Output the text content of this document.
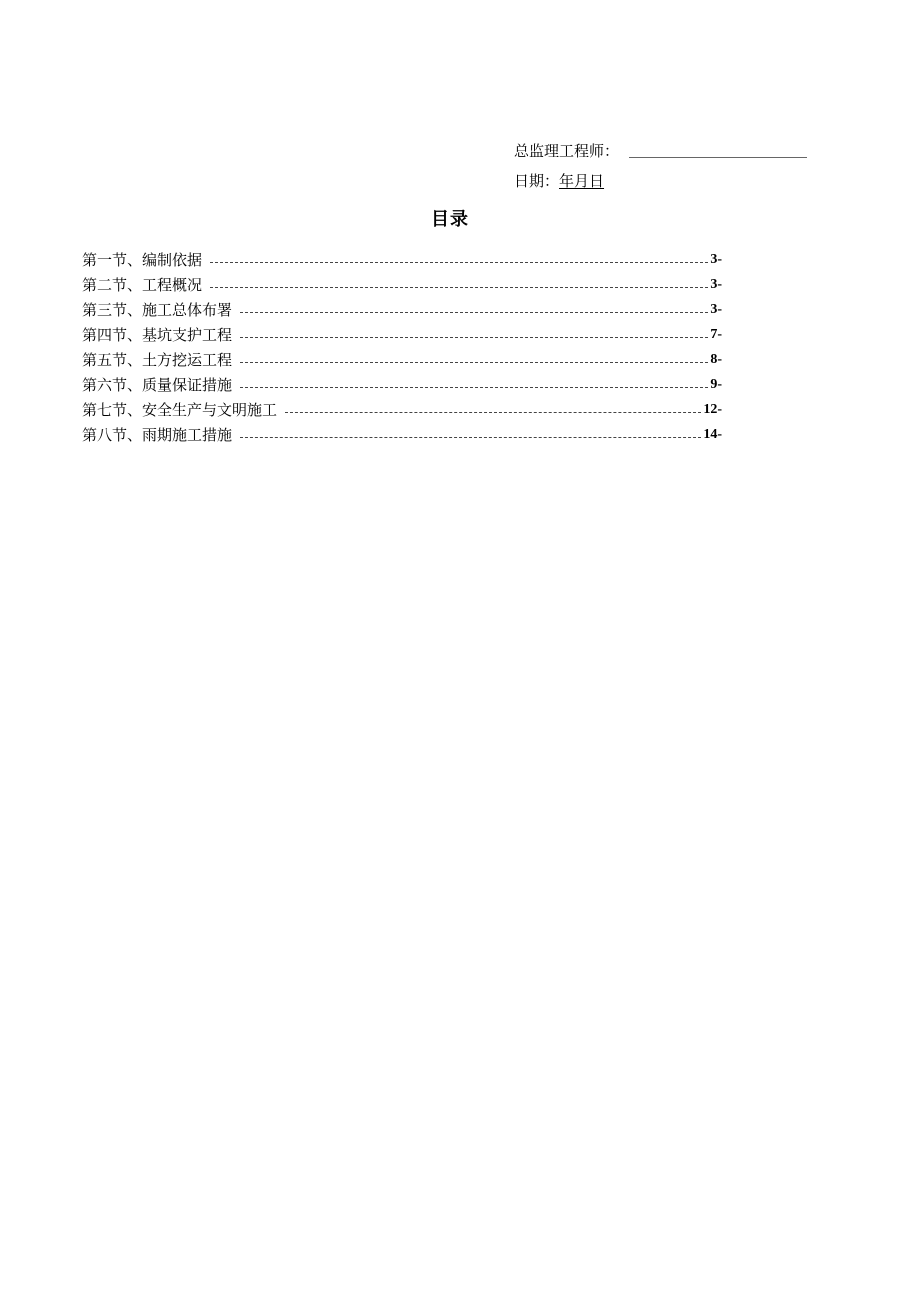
总监理工程师：
日期：年月日
目录
第一节、编制依据	3-
第二节、工程概况	3-
第三节、施工总体布署	3-
第四节、基坑支护工程	7-
第五节、土方挖运工程	8-
第六节、质量保证措施	9-
第七节、安全生产与文明施工	12-
第八节、雨期施工措施	14-
